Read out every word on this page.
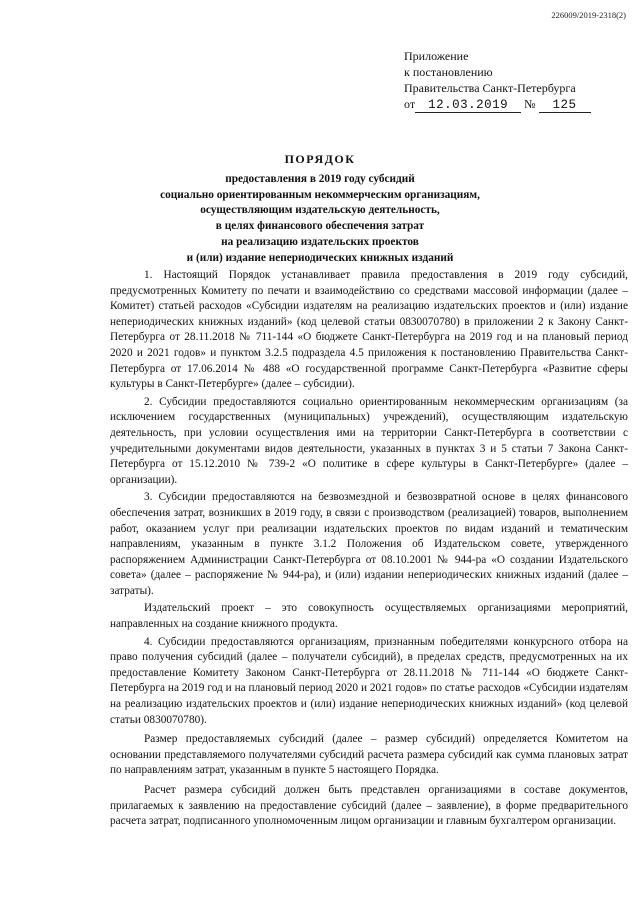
226009/2019-2318(2)
Приложение
к постановлению
Правительства Санкт-Петербурга
от 12.03.2019 № 125
ПОРЯДОК
предоставления в 2019 году субсидий
социально ориентированным некоммерческим организациям,
осуществляющим издательскую деятельность,
в целях финансового обеспечения затрат
на реализацию издательских проектов
и (или) издание непериодических книжных изданий

1. Настоящий Порядок устанавливает правила предоставления в 2019 году субсидий, предусмотренных Комитету по печати и взаимодействию со средствами массовой информации (далее – Комитет) статьей расходов «Субсидии издателям на реализацию издательских проектов и (или) издание непериодических книжных изданий» (код целевой статьи 0830070780) в приложении 2 к Закону Санкт-Петербурга от 28.11.2018 № 711-144 «О бюджете Санкт-Петербурга на 2019 год и на плановый период 2020 и 2021 годов» и пунктом 3.2.5 подраздела 4.5 приложения к постановлению Правительства Санкт-Петербурга от 17.06.2014 № 488 «О государственной программе Санкт-Петербурга «Развитие сферы культуры в Санкт-Петербурге» (далее – субсидии).

2. Субсидии предоставляются социально ориентированным некоммерческим организациям (за исключением государственных (муниципальных) учреждений), осуществляющим издательскую деятельность, при условии осуществления ими на территории Санкт-Петербурга в соответствии с учредительными документами видов деятельности, указанных в пунктах 3 и 5 статьи 7 Закона Санкт-Петербурга от 15.12.2010 № 739-2 «О политике в сфере культуры в Санкт-Петербурге» (далее – организации).

3. Субсидии предоставляются на безвозмездной и безвозвратной основе в целях финансового обеспечения затрат, возникших в 2019 году, в связи с производством (реализацией) товаров, выполнением работ, оказанием услуг при реализации издательских проектов по видам изданий и тематическим направлениям, указанным в пункте 3.1.2 Положения об Издательском совете, утвержденного распоряжением Администрации Санкт-Петербурга от 08.10.2001 № 944-ра «О создании Издательского совета» (далее – распоряжение № 944-ра), и (или) издании непериодических книжных изданий (далее – затраты).

Издательский проект – это совокупность осуществляемых организациями мероприятий, направленных на создание книжного продукта.

4. Субсидии предоставляются организациям, признанным победителями конкурсного отбора на право получения субсидий (далее – получатели субсидий), в пределах средств, предусмотренных на их предоставление Комитету Законом Санкт-Петербурга от 28.11.2018 № 711-144 «О бюджете Санкт-Петербурга на 2019 год и на плановый период 2020 и 2021 годов» по статье расходов «Субсидии издателям на реализацию издательских проектов и (или) издание непериодических книжных изданий» (код целевой статьи 0830070780).

Размер предоставляемых субсидий (далее – размер субсидий) определяется Комитетом на основании представляемого получателями субсидий расчета размера субсидий как сумма плановых затрат по направлениям затрат, указанным в пункте 5 настоящего Порядка.

Расчет размера субсидий должен быть представлен организациями в составе документов, прилагаемых к заявлению на предоставление субсидий (далее – заявление), в форме предварительного расчета затрат, подписанного уполномоченным лицом организации и главным бухгалтером организации.
